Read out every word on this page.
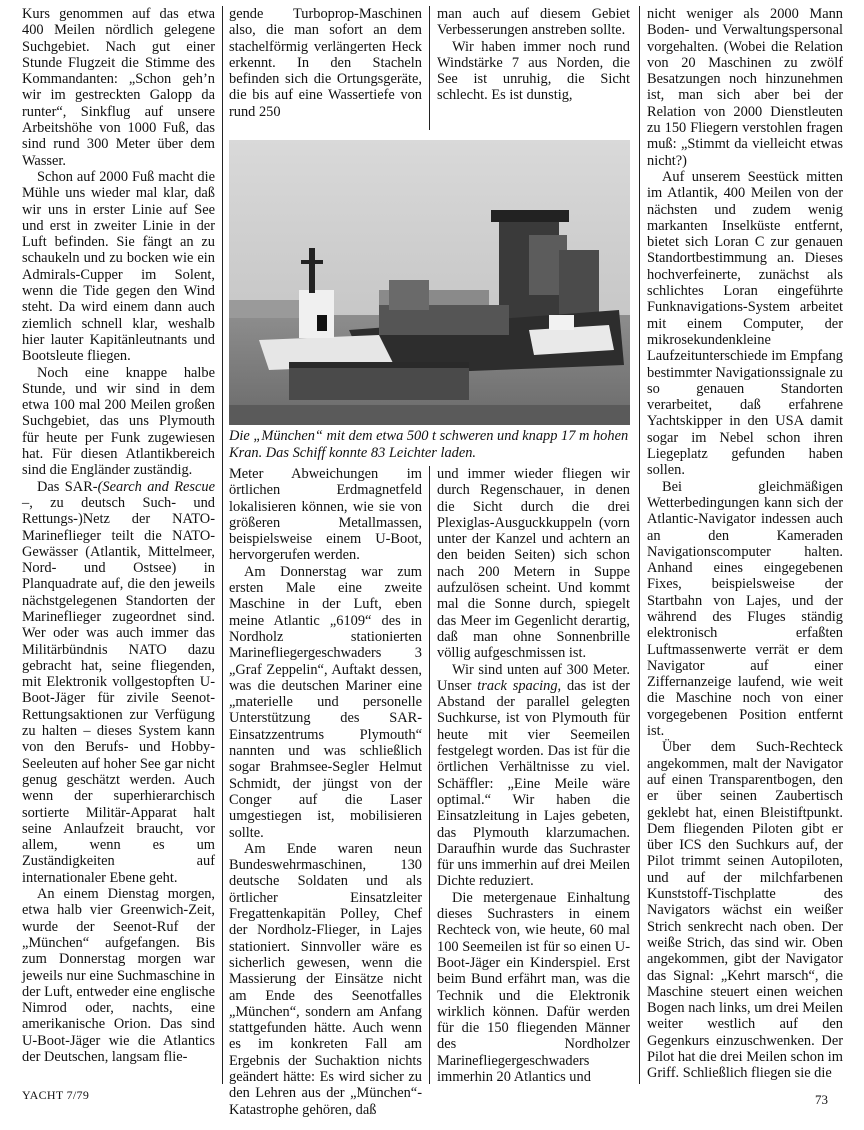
Kurs genommen auf das etwa 400 Meilen nördlich gelegene Suchgebiet. Nach gut einer Stunde Flugzeit die Stimme des Kommandanten: „Schon geh’n wir im gestreckten Galopp da runter“, Sinkflug auf unsere Arbeitshöhe von 1000 Fuß, das sind rund 300 Meter über dem Wasser.

Schon auf 2000 Fuß macht die Mühle uns wieder mal klar, daß wir uns in erster Linie auf See und erst in zweiter Linie in der Luft befinden. Sie fängt an zu schaukeln und zu bocken wie ein Admirals-Cupper im Solent, wenn die Tide gegen den Wind steht. Da wird einem dann auch ziemlich schnell klar, weshalb hier lauter Kapitänleutnants und Bootsleute fliegen.

Noch eine knappe halbe Stunde, und wir sind in dem etwa 100 mal 200 Meilen großen Suchgebiet, das uns Plymouth für heute per Funk zugewiesen hat. Für diesen Atlantikbereich sind die Engländer zuständig.

Das SAR-(Search and Rescue –, zu deutsch Such- und Rettungs-)Netz der NATO-Marineflieger teilt die NATO-Gewässer (Atlantik, Mittelmeer, Nord- und Ostsee) in Planquadrate auf, die den jeweils nächstgelegenen Standorten der Marineflieger zugeordnet sind. Wer oder was auch immer das Militärbündnis NATO dazu gebracht hat, seine fliegenden, mit Elektronik vollgestopften U-Boot-Jäger für zivile Seenot-Rettungsaktionen zur Verfügung zu halten – dieses System kann von den Berufs- und Hobby-Seeleuten auf hoher See gar nicht genug geschätzt werden. Auch wenn der superhierarchisch sortierte Militär-Apparat halt seine Anlaufzeit braucht, vor allem, wenn es um Zuständigkeiten auf internationaler Ebene geht.

An einem Dienstag morgen, etwa halb vier Greenwich-Zeit, wurde der Seenot-Ruf der „München“ aufgefangen. Bis zum Donnerstag morgen war jeweils nur eine Suchmaschine in der Luft, entweder eine englische Nimrod oder, nachts, eine amerikanische Orion. Das sind U-Boot-Jäger wie die Atlantics der Deutschen, langsam flie-

gende Turboprop-Maschinen also, die man sofort an dem stachelförmig verlängerten Heck erkennt. In den Stacheln befinden sich die Ortungsgeräte, die bis auf eine Wassertiefe von rund 250

man auch auf diesem Gebiet Verbesserungen anstreben sollte.

Wir haben immer noch rund Windstärke 7 aus Norden, die See ist unruhig, die Sicht schlecht. Es ist dunstig,

Die „München“ mit dem etwa 500 t schweren und knapp 17 m hohen Kran. Das Schiff konnte 83 Leichter laden.

Meter Abweichungen im örtlichen Erdmagnetfeld lokalisieren können, wie sie von größeren Metallmassen, beispielsweise einem U-Boot, hervorgerufen werden.

Am Donnerstag war zum ersten Male eine zweite Maschine in der Luft, eben meine Atlantic „6109“ des in Nordholz stationierten Marinefliegergeschwaders 3 „Graf Zeppelin“, Auftakt dessen, was die deutschen Mariner eine „materielle und personelle Unterstützung des SAR-Einsatzzentrums Plymouth“ nannten und was schließlich sogar Brahmsee-Segler Helmut Schmidt, der jüngst von der Conger auf die Laser umgestiegen ist, mobilisieren sollte.

Am Ende waren neun Bundeswehrmaschinen, 130 deutsche Soldaten und als örtlicher Einsatzleiter Fregattenkapitän Polley, Chef der Nordholz-Flieger, in Lajes stationiert. Sinnvoller wäre es sicherlich gewesen, wenn die Massierung der Einsätze nicht am Ende des Seenotfalles „München“, sondern am Anfang stattgefunden hätte. Auch wenn es im konkreten Fall am Ergebnis der Suchaktion nichts geändert hätte: Es wird sicher zu den Lehren aus der „München“-Katastrophe gehören, daß

und immer wieder fliegen wir durch Regenschauer, in denen die Sicht durch die drei Plexiglas-Ausguckkuppeln (vorn unter der Kanzel und achtern an den beiden Seiten) sich schon nach 200 Metern in Suppe aufzulösen scheint. Und kommt mal die Sonne durch, spiegelt das Meer im Gegenlicht derartig, daß man ohne Sonnenbrille völlig aufgeschmissen ist.

Wir sind unten auf 300 Meter. Unser track spacing, das ist der Abstand der parallel gelegten Suchkurse, ist von Plymouth für heute mit vier Seemeilen festgelegt worden. Das ist für die örtlichen Verhältnisse zu viel. Schäffler: „Eine Meile wäre optimal.“ Wir haben die Einsatzleitung in Lajes gebeten, das Plymouth klarzumachen. Daraufhin wurde das Suchraster für uns immerhin auf drei Meilen Dichte reduziert.

Die metergenaue Einhaltung dieses Suchrasters in einem Rechteck von, wie heute, 60 mal 100 Seemeilen ist für so einen U-Boot-Jäger ein Kinderspiel. Erst beim Bund erfährt man, was die Technik und die Elektronik wirklich können. Dafür werden für die 150 fliegenden Männer des Nordholzer Marinefliegergeschwaders immerhin 20 Atlantics und

nicht weniger als 2000 Mann Boden- und Verwaltungspersonal vorgehalten. (Wobei die Relation von 20 Maschinen zu zwölf Besatzungen noch hinzunehmen ist, man sich aber bei der Relation von 2000 Dienstleuten zu 150 Fliegern verstohlen fragen muß: „Stimmt da vielleicht etwas nicht?)

Auf unserem Seestück mitten im Atlantik, 400 Meilen von der nächsten und zudem wenig markanten Inselküste entfernt, bietet sich Loran C zur genauen Standortbestimmung an. Dieses hochverfeinerte, zunächst als schlichtes Loran eingeführte Funknavigations-System arbeitet mit einem Computer, der mikrosekundenkleine Laufzeitunterschiede im Empfang bestimmter Navigationssignale zu so genauen Standorten verarbeitet, daß erfahrene Yachtskipper in den USA damit sogar im Nebel schon ihren Liegeplatz gefunden haben sollen.

Bei gleichmäßigen Wetterbedingungen kann sich der Atlantic-Navigator indessen auch an den Kameraden Navigationscomputer halten. Anhand eines eingegebenen Fixes, beispielsweise der Startbahn von Lajes, und der während des Fluges ständig elektronisch erfaßten Luftmassenwerte verrät er dem Navigator auf einer Ziffernanzeige laufend, wie weit die Maschine noch von einer vorgegebenen Position entfernt ist.

Über dem Such-Rechteck angekommen, malt der Navigator auf einen Transparentbogen, den er über seinen Zaubertisch geklebt hat, einen Bleistiftpunkt. Dem fliegenden Piloten gibt er über ICS den Suchkurs auf, der Pilot trimmt seinen Autopiloten, und auf der milchfarbenen Kunststoff-Tischplatte des Navigators wächst ein weißer Strich senkrecht nach oben. Der weiße Strich, das sind wir. Oben angekommen, gibt der Navigator das Signal: „Kehrt marsch“, die Maschine steuert einen weichen Bogen nach links, um drei Meilen weiter westlich auf den Gegenkurs einzuschwenken. Der Pilot hat die drei Meilen schon im Griff. Schließlich fliegen sie die

YACHT 7/79	73
